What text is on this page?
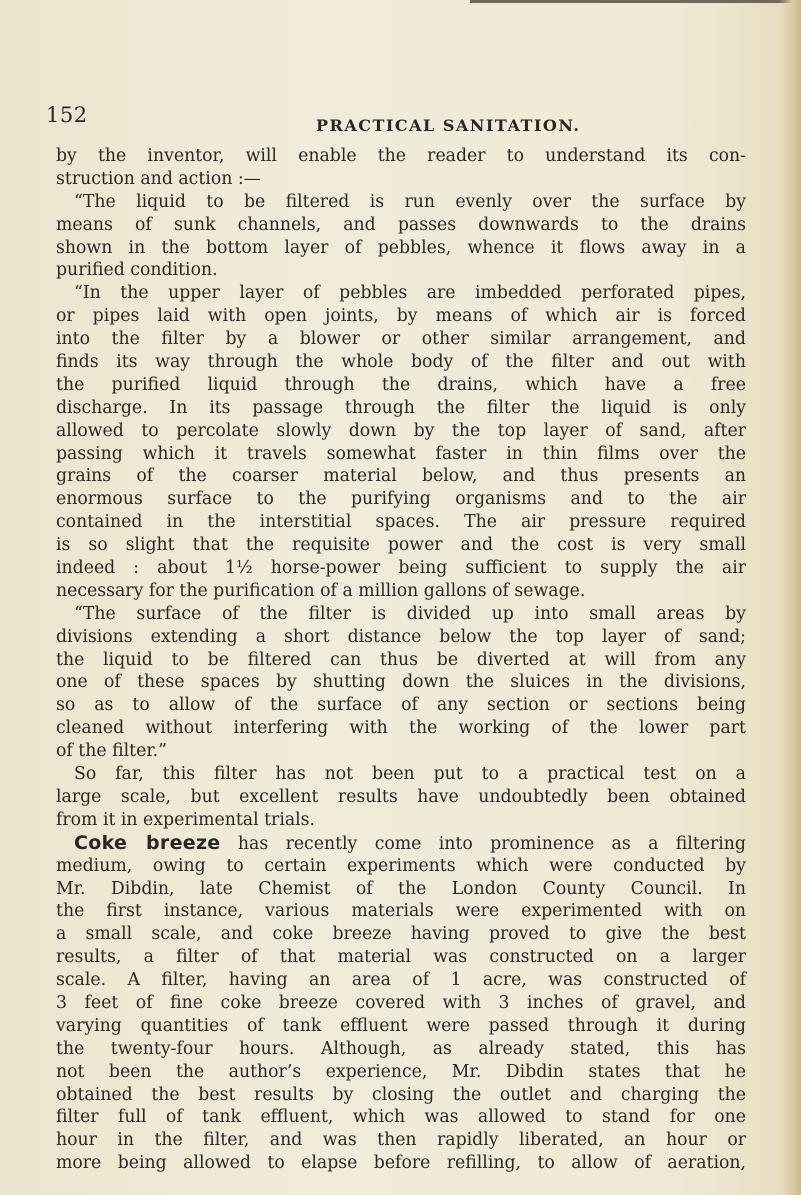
152	PRACTICAL SANITATION.
by the inventor, will enable the reader to understand its con-
struction and action :—
“The liquid to be filtered is run evenly over the surface by
means of sunk channels, and passes downwards to the drains
shown in the bottom layer of pebbles, whence it flows away in a
purified condition.
“In the upper layer of pebbles are imbedded perforated pipes,
or pipes laid with open joints, by means of which air is forced
into the filter by a blower or other similar arrangement, and
finds its way through the whole body of the filter and out with
the purified liquid through the drains, which have a free
discharge. In its passage through the filter the liquid is only
allowed to percolate slowly down by the top layer of sand, after
passing which it travels somewhat faster in thin films over the
grains of the coarser material below, and thus presents an
enormous surface to the purifying organisms and to the air
contained in the interstitial spaces. The air pressure required
is so slight that the requisite power and the cost is very small
indeed : about 1½ horse-power being sufficient to supply the air
necessary for the purification of a million gallons of sewage.
“The surface of the filter is divided up into small areas by
divisions extending a short distance below the top layer of sand;
the liquid to be filtered can thus be diverted at will from any
one of these spaces by shutting down the sluices in the divisions,
so as to allow of the surface of any section or sections being
cleaned without interfering with the working of the lower part
of the filter.”
So far, this filter has not been put to a practical test on a
large scale, but excellent results have undoubtedly been obtained
from it in experimental trials.
Coke breeze has recently come into prominence as a filtering
medium, owing to certain experiments which were conducted by
Mr. Dibdin, late Chemist of the London County Council. In
the first instance, various materials were experimented with on
a small scale, and coke breeze having proved to give the best
results, a filter of that material was constructed on a larger
scale. A filter, having an area of 1 acre, was constructed of
3 feet of fine coke breeze covered with 3 inches of gravel, and
varying quantities of tank effluent were passed through it during
the twenty-four hours. Although, as already stated, this has
not been the author’s experience, Mr. Dibdin states that he
obtained the best results by closing the outlet and charging the
filter full of tank effluent, which was allowed to stand for one
hour in the filter, and was then rapidly liberated, an hour or
more being allowed to elapse before refilling, to allow of aeration,
